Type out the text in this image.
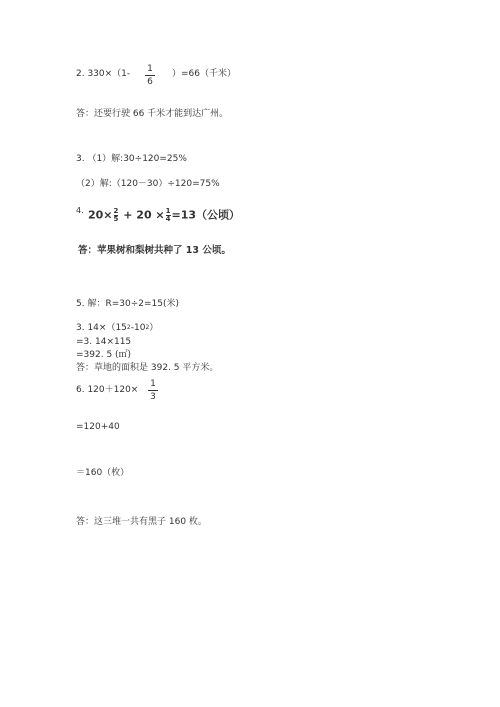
2. 330×（1- 1
6
）=66（千米）
答：还要行驶 66 千米才能到达广州。
3. （1）解:30÷120=25%
（2）解:（120－30）÷120=75%
4. $20\times \frac{2}{5} + 20 \times \frac{1}{4} =13$（公顷）
答：苹果树和梨树共种了 13 公顷。
5. 解：R=30÷2=15(米)
3. $14\times(15^2-10^2)$
=3. 14×115
=392. 5 (㎡)
答：草地的面积是 392. 5 平方米。
6. 120＋120×
1
3
=120+40
＝160（枚）
答：这三堆一共有黑子 160 枚。
